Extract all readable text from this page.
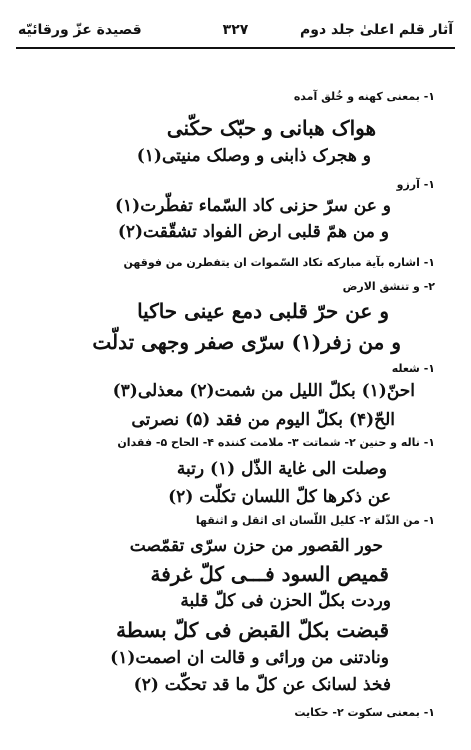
آثار قلم اعلیٰ جلد دوم
۳۲۷
قصيدة عزّ ورقائيّه
۱- بمعنی کهنه و خُلق آمده
هواک هبانی و حبّک حکّنی
و هجرک ذابنی و وصلک منيتی(۱)
۱- آرزو
و عن سرّ حزنی کاد السّماء تفطّرت(۱)
و من همّ قلبی ارض الفواد تشقّقت(۲)
۱- اشاره بآية مبارکه تکاد السّموات ان يتفطرن من فوقهن
۲- و تنشق الارض
و عن حرّ قلبی دمع عينی حاکيا
و من زفر(۱) سرّی صفر وجهی تدلّت
۱- شعله
احنّ(۱) بکلّ الليل من شمت(۲) معذلی(۳)
الحّ(۴) بکلّ اليوم من فقد (۵) نصرتی
۱- ناله و حنين ۲- شماتت ۳- ملامت کننده ۴- الحاح ۵- فقدان
وصلت الی غاية الذّل (۱) رتبة
عن ذکرها کلّ اللسان تکلّت (۲)
۱- من الذّلة ۲- کليل اللّسان ای اثقل و اثنقها
حور القصور من حزن سرّی تقمّصت
قميص السود فـــی کلّ غرفة
وردت بکلّ الحزن فی کلّ قلبة
قبضت بکلّ القبض فی کلّ بسطة
ونادتنی من ورائی و قالت ان اصمت(۱)
فخذ لسانک عن کلّ ما قد تحکّت (۲)
۱- بمعنی سکوت ۲- حکايت
